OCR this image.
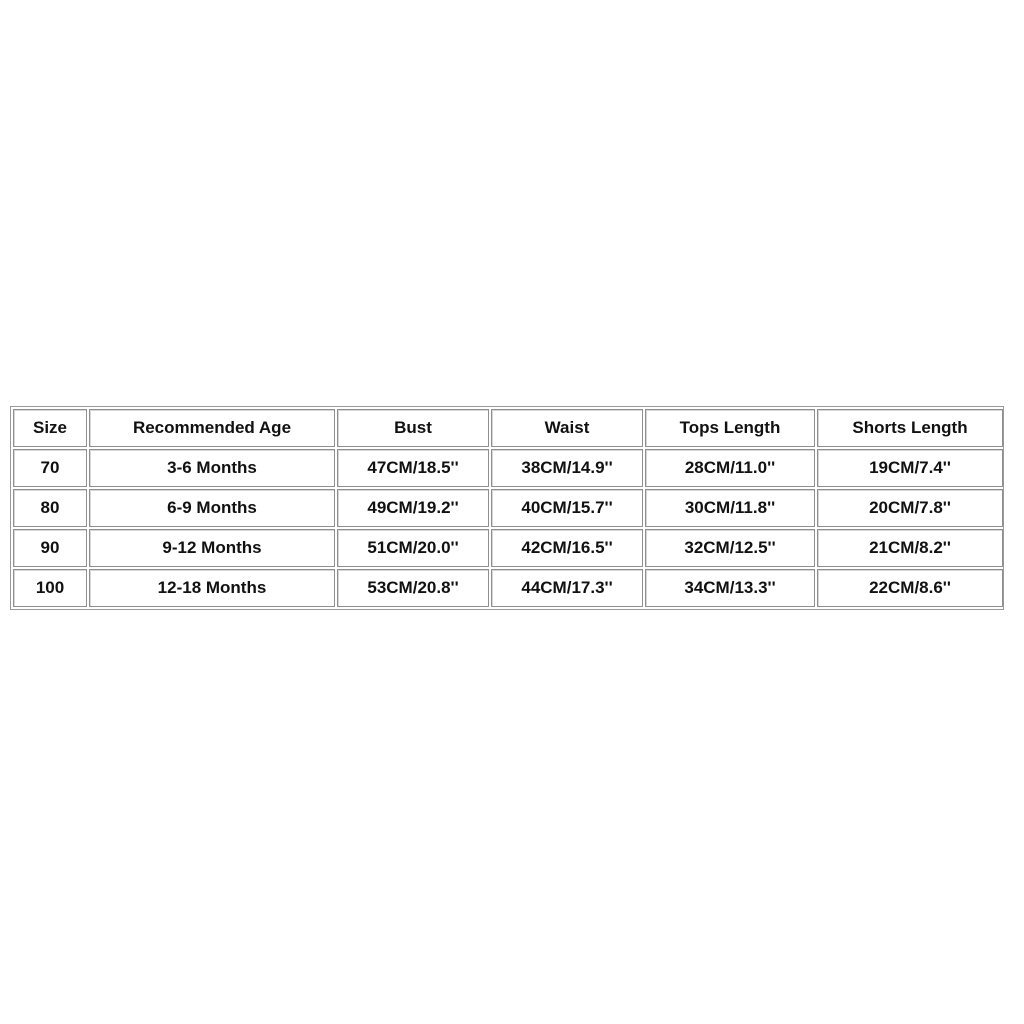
Size	Recommended Age	Bust	Waist	Tops Length	Shorts Length
70	3-6 Months	47CM/18.5''	38CM/14.9''	28CM/11.0''	19CM/7.4''
80	6-9 Months	49CM/19.2''	40CM/15.7''	30CM/11.8''	20CM/7.8''
90	9-12 Months	51CM/20.0''	42CM/16.5''	32CM/12.5''	21CM/8.2''
100	12-18 Months	53CM/20.8''	44CM/17.3''	34CM/13.3''	22CM/8.6''
